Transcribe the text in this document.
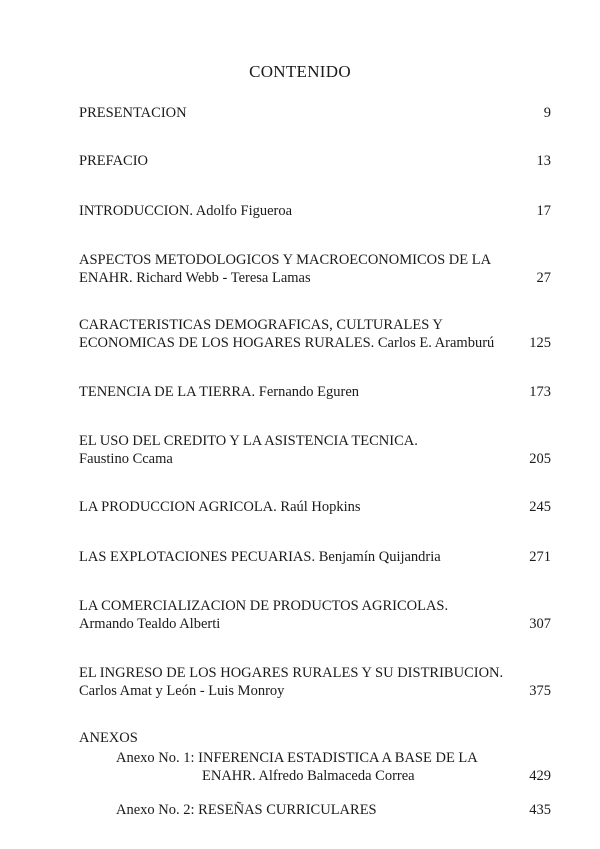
CONTENIDO
PRESENTACION	9
PREFACIO	13
INTRODUCCION. Adolfo Figueroa	17
ASPECTOS METODOLOGICOS Y MACROECONOMICOS DE LA
ENAHR. Richard Webb - Teresa Lamas	27
CARACTERISTICAS DEMOGRAFICAS, CULTURALES Y
ECONOMICAS DE LOS HOGARES RURALES. Carlos E. Aramburú	125
TENENCIA DE LA TIERRA. Fernando Eguren	173
EL USO DEL CREDITO Y LA ASISTENCIA TECNICA.
Faustino Ccama	205
LA PRODUCCION AGRICOLA. Raúl Hopkins	245
LAS EXPLOTACIONES PECUARIAS. Benjamín Quijandria	271
LA COMERCIALIZACION DE PRODUCTOS AGRICOLAS.
Armando Tealdo Alberti	307
EL INGRESO DE LOS HOGARES RURALES Y SU DISTRIBUCION.
Carlos Amat y León - Luis Monroy	375
ANEXOS
Anexo No. 1: INFERENCIA ESTADISTICA A BASE DE LA
ENAHR. Alfredo Balmaceda Correa	429
Anexo No. 2: RESEÑAS CURRICULARES	435
